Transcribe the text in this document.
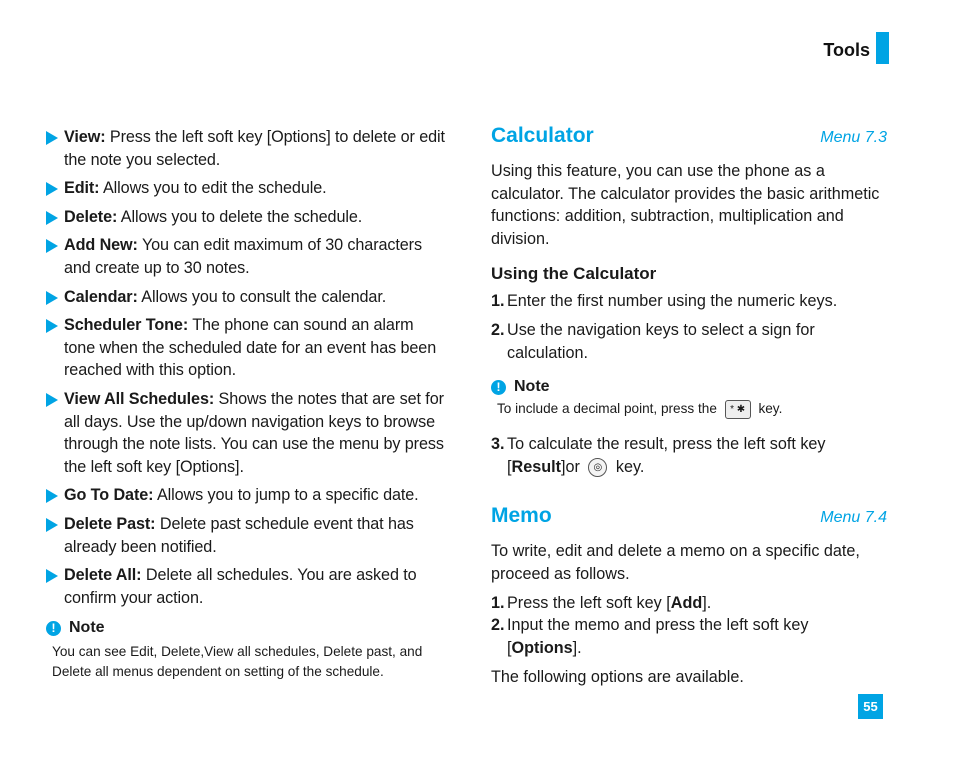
Tools
View: Press the left soft key [Options] to delete or edit the note you selected.
Edit: Allows you to edit the schedule.
Delete: Allows you to delete the schedule.
Add New: You can edit maximum of 30 characters and create up to 30 notes.
Calendar: Allows you to consult the calendar.
Scheduler Tone: The phone can sound an alarm tone when the scheduled date for an event has been reached with this option.
View All Schedules: Shows the notes that are set for all days. Use the up/down navigation keys to browse through the note lists. You can use the menu by press the left soft key [Options].
Go To Date: Allows you to jump to a specific date.
Delete Past: Delete past schedule event that has already been notified.
Delete All: Delete all schedules. You are asked to confirm your action.
! Note
You can see Edit, Delete,View all schedules, Delete past, and Delete all menus dependent on setting of the schedule.
Calculator	Menu 7.3
Using this feature, you can use the phone as a calculator. The calculator provides the basic arithmetic functions: addition, subtraction, multiplication and division.
Using the Calculator
1. Enter the first number using the numeric keys.
2. Use the navigation keys to select a sign for calculation.
! Note
To include a decimal point, press the * ✱ key.
3. To calculate the result, press the left soft key [Result]or ◎ key.
Memo	Menu 7.4
To write, edit and delete a memo on a specific date, proceed as follows.
1. Press the left soft key [Add].
2. Input the memo and press the left soft key [Options].
The following options are available.
55
